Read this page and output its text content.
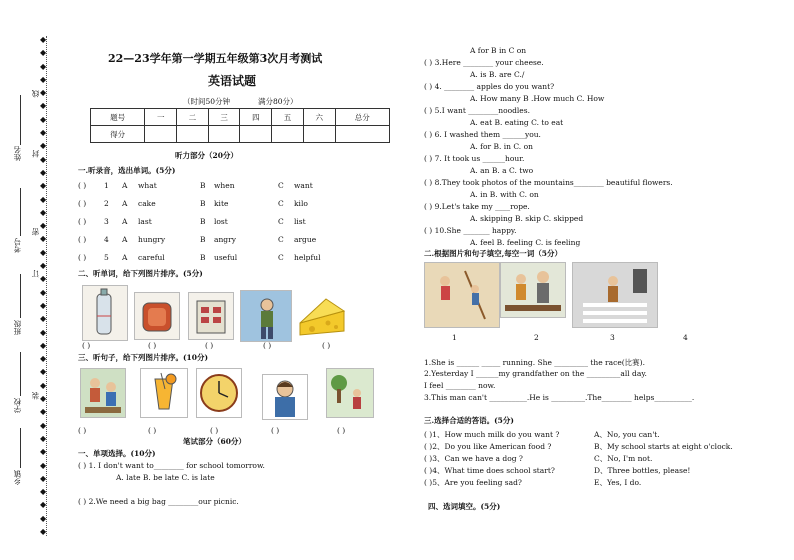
◆
◆
◆
◆
◆
◆
◆
◆
◆
◆
◆
◆
◆
◆
◆
◆
◆
◆
◆
◆
◆
◆
◆
◆
◆
◆
◆
◆
◆
◆
◆
◆
◆
◆
◆
◆
◆
◆
姓名
考号
班级
学校
乡镇
线
封
密
订
装
22—23学年第一学期五年级第3次月考测试
英语试题
（时间50分钟	满分80分）
题号	一	二	三	四	五	六	总分
得分							
听力部分（20分）
一.听录音，选出单词。(5分)
( ) 1 A what	B when	C want
( ) 2 A cake	B kite	C kilo
( ) 3 A last	B lost	C list
( ) 4 A hungry	B angry	C argue
( ) 5 A careful	B useful	C helpful
二、听单词，给下列图片排序。(5分)
( )	( )	( )	( )	( )
三、听句子，给下列图片排序。(10分)
( )	( )	( )	( )	( )
笔试部分（60分）
一、单项选择。(10分)
( ) 1. I don't want to________ for school tomorrow.
A. late B. be late C. is late
( ) 2.We need a big bag ________our picnic.
A for B in C on
( ) 3.Here ________ your cheese.
A. is B. are C./
( ) 4. ________ apples do you want?
A. How many B .How much C. How
( ) 5.I want ________noodles.
A. eat B. eating C. to eat
( ) 6. I washed them ______you.
A. for B. in C. on
( ) 7. It took us ______hour.
A. an B. a C. two
( ) 8.They took photos of the mountains________ beautiful flowers.
A. in B. with C. on
( ) 9.Let's take my ____rope.
A. skipping B. skip C. skipped
( ) 10.She _______ happy.
A. feel B. feeling C. is feeling
二.根据图片和句子填空,每空一词（5分）
1	2	3	4
1.She is ______ _____ running. She _________ the race(比赛).
2.Yesterday I ______my grandfather on the _________all day.
I feel ________ now.
3.This man can't __________.He is _________.The________ helps__________.
三.选择合适的答语。(5分)
( )1、How much milk do you want ?	A、No, you can't.
( )2、Do you like American food ?	B、My school starts at eight o'clock.
( )3、Can we have a dog ?	C、No, I'm not.
( )4、What time does school start?	D、Three bottles, please!
( )5、Are you feeling sad?	E、Yes, I do.
四、选词填空。(5分)
